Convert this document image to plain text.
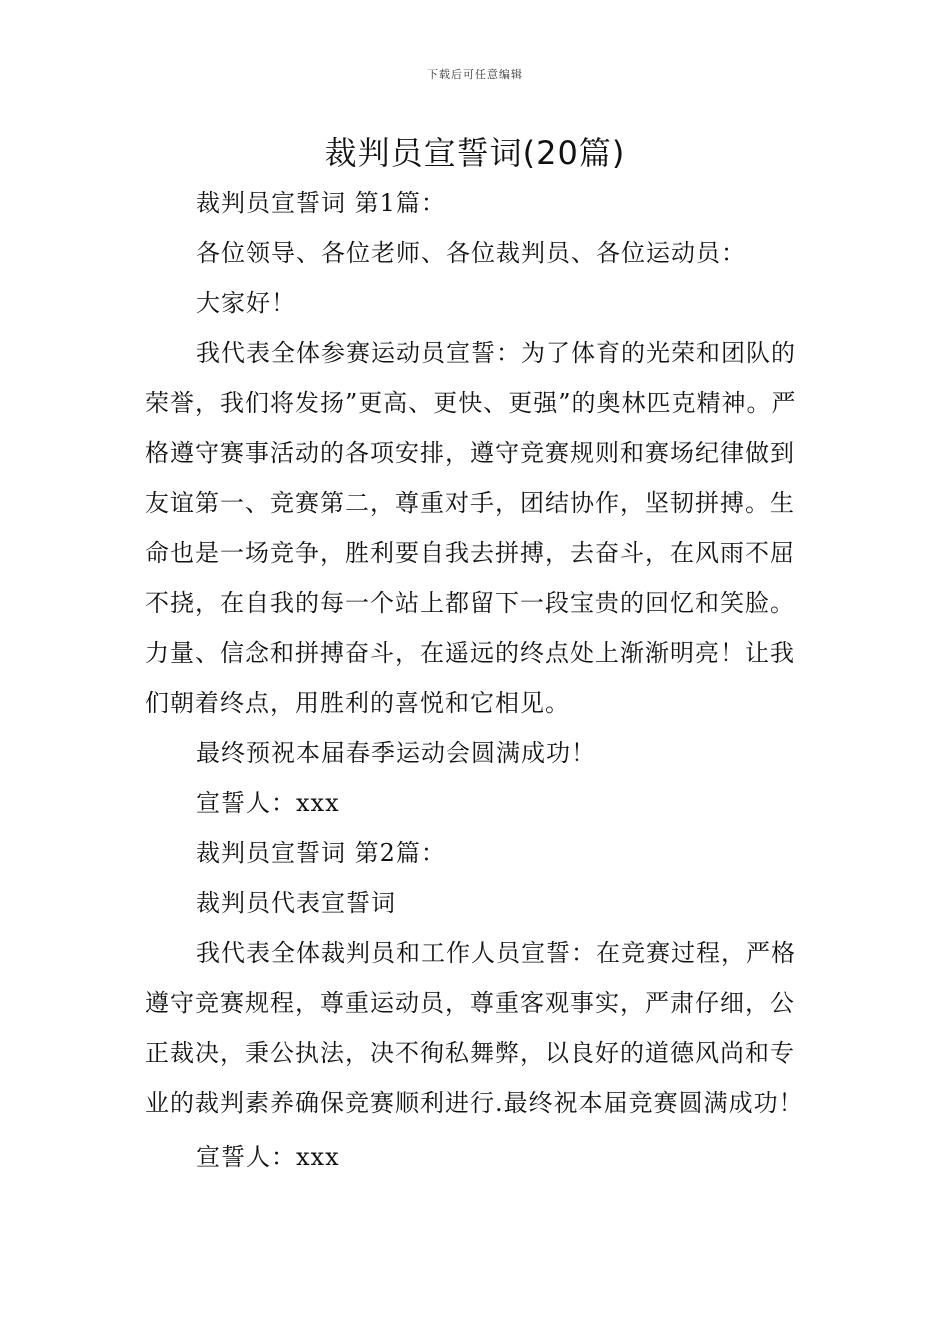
下载后可任意编辑
裁判员宣誓词(20篇)

裁判员宣誓词 第1篇：

各位领导、各位老师、各位裁判员、各位运动员：

大家好！

我代表全体参赛运动员宣誓：为了体育的光荣和团队的荣誉，我们将发扬”更高、更快、更强”的奥林匹克精神。严格遵守赛事活动的各项安排，遵守竞赛规则和赛场纪律做到友谊第一、竞赛第二，尊重对手，团结协作，坚韧拼搏。生命也是一场竞争，胜利要自我去拼搏，去奋斗，在风雨不屈不挠，在自我的每一个站上都留下一段宝贵的回忆和笑脸。力量、信念和拼搏奋斗，在遥远的终点处上渐渐明亮！让我们朝着终点，用胜利的喜悦和它相见。

最终预祝本届春季运动会圆满成功！

宣誓人：xxx

裁判员宣誓词 第2篇：

裁判员代表宣誓词

我代表全体裁判员和工作人员宣誓：在竞赛过程，严格遵守竞赛规程，尊重运动员，尊重客观事实，严肃仔细，公正裁决，秉公执法，决不徇私舞弊，以良好的道德风尚和专业的裁判素养确保竞赛顺利进行.最终祝本届竞赛圆满成功！

宣誓人：xxx
